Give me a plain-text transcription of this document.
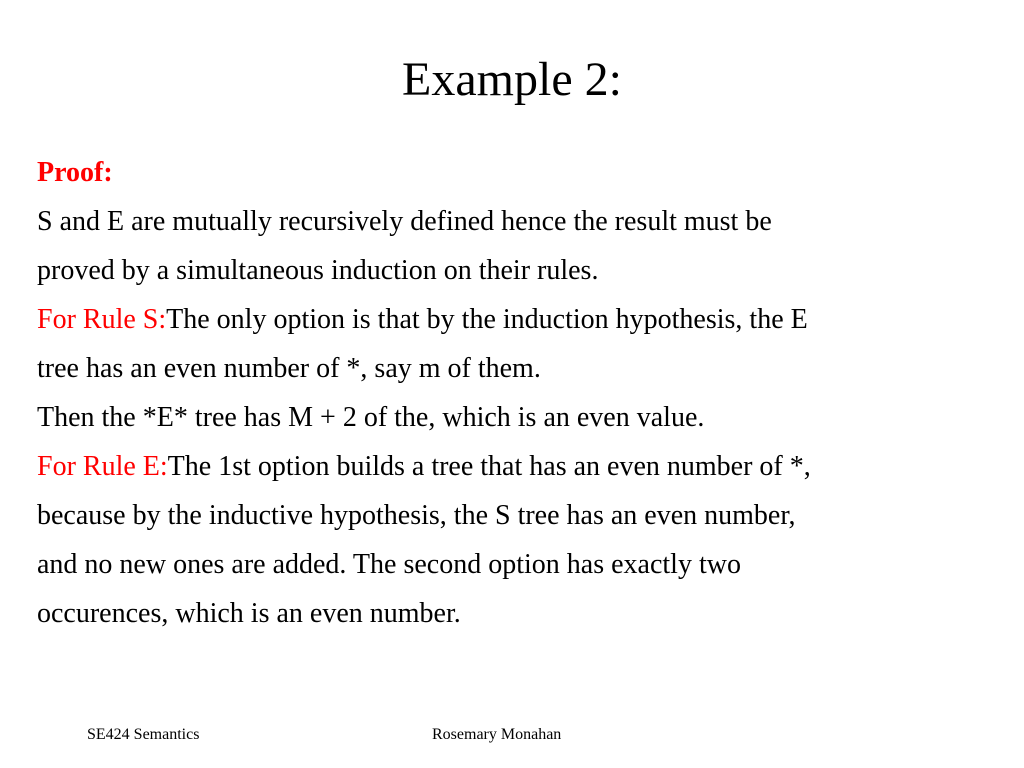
Example 2:
Proof:
S and E are mutually recursively defined hence the result must be
proved by a simultaneous induction on their rules.
For Rule S:The only option is that by the induction hypothesis, the E
tree has an even number of *, say m of them.
Then the *E* tree has M + 2 of the, which is an even value.
For Rule E:The 1st option builds a tree that has an even number of *,
because by the inductive hypothesis, the S tree has an even number,
and no new ones are added. The second option has exactly two
occurences, which is an even number.
SE424 Semantics	Rosemary Monahan
